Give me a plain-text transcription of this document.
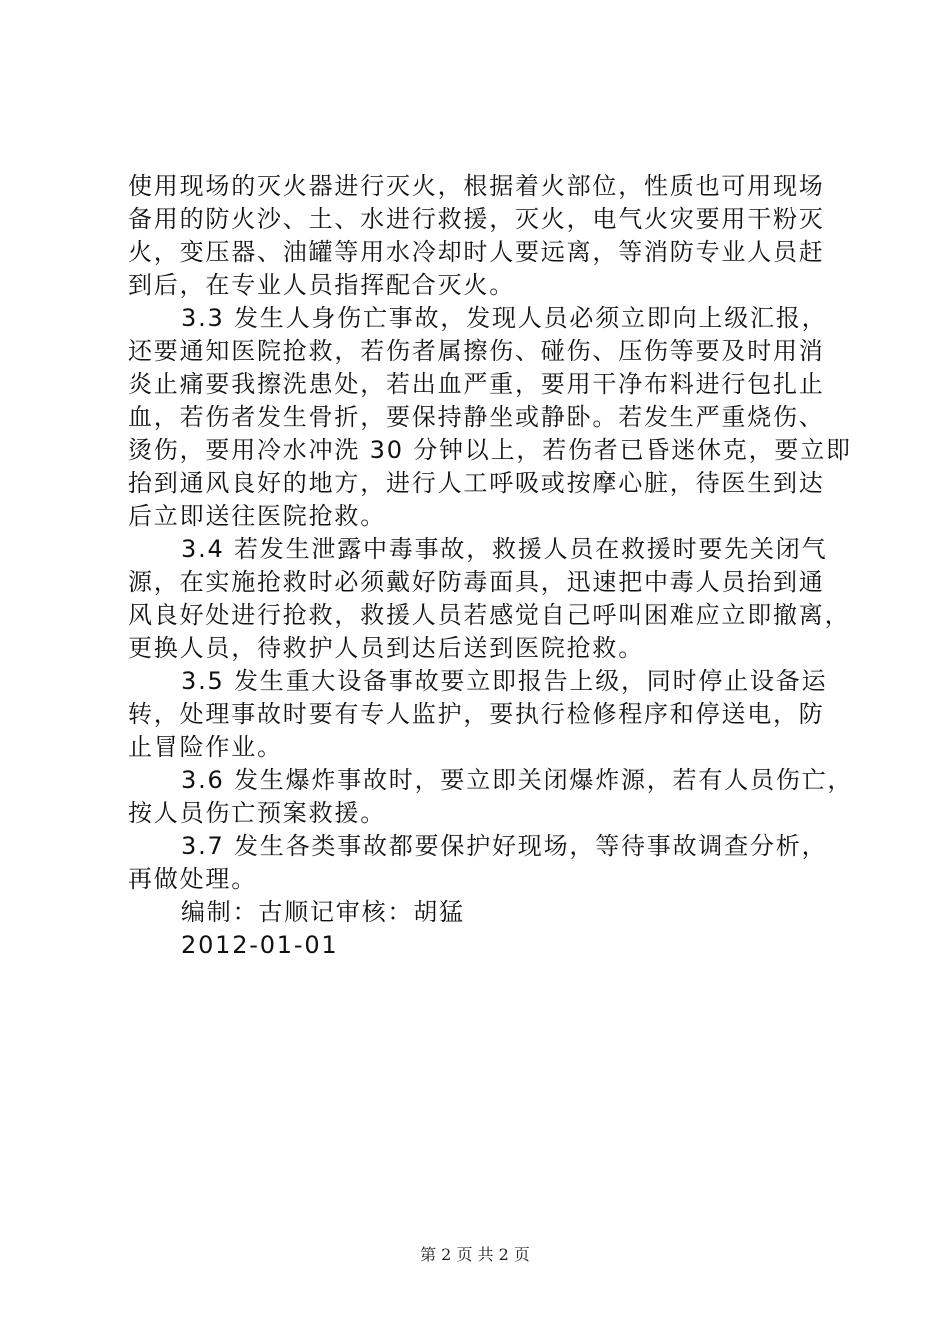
使用现场的灭火器进行灭火，根据着火部位，性质也可用现场
备用的防火沙、土、水进行救援，灭火，电气火灾要用干粉灭
火，变压器、油罐等用水冷却时人要远离，等消防专业人员赶
到后，在专业人员指挥配合灭火。
3.3 发生人身伤亡事故，发现人员必须立即向上级汇报，
还要通知医院抢救，若伤者属擦伤、碰伤、压伤等要及时用消
炎止痛要我擦洗患处，若出血严重，要用干净布料进行包扎止
血，若伤者发生骨折，要保持静坐或静卧。若发生严重烧伤、
烫伤，要用冷水冲洗 30 分钟以上，若伤者已昏迷休克，要立即
抬到通风良好的地方，进行人工呼吸或按摩心脏，待医生到达
后立即送往医院抢救。
3.4 若发生泄露中毒事故，救援人员在救援时要先关闭气
源，在实施抢救时必须戴好防毒面具，迅速把中毒人员抬到通
风良好处进行抢救，救援人员若感觉自己呼叫困难应立即撤离，
更换人员，待救护人员到达后送到医院抢救。
3.5 发生重大设备事故要立即报告上级，同时停止设备运
转，处理事故时要有专人监护，要执行检修程序和停送电，防
止冒险作业。
3.6 发生爆炸事故时，要立即关闭爆炸源，若有人员伤亡，
按人员伤亡预案救援。
3.7 发生各类事故都要保护好现场，等待事故调查分析，
再做处理。
编制：古顺记审核：胡猛
2012-01-01
第 2 页 共 2 页
